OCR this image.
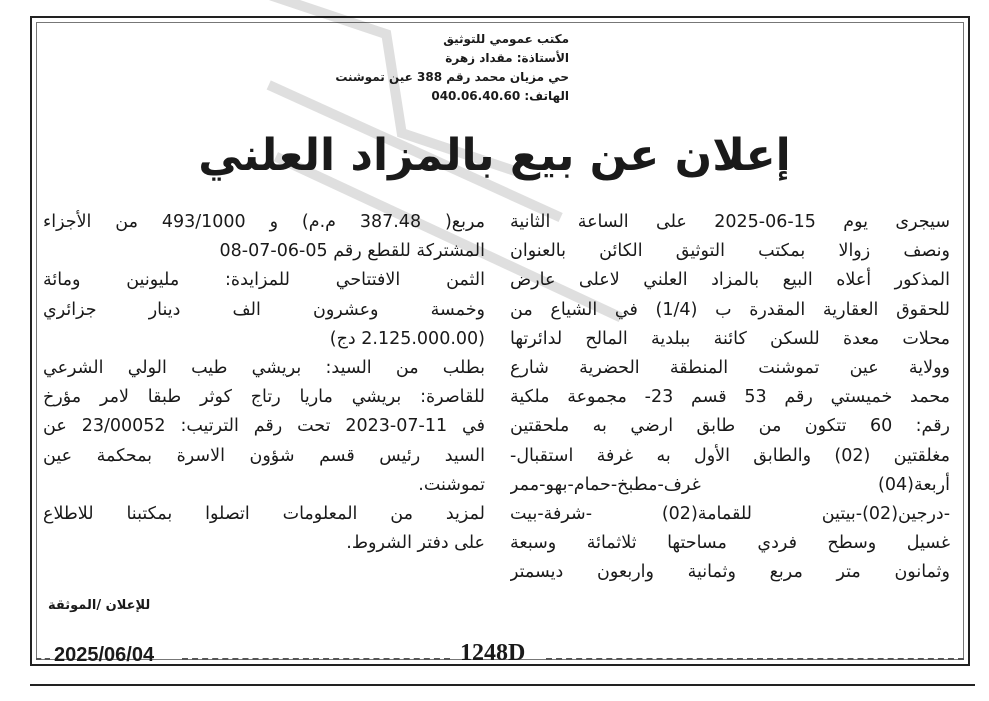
مكتب عمومي للتوثيق
الأستاذة: مقداد زهرة
حي مزيان محمد رقم 388 عين تموشنت
الهاتف: 040.06.40.60
إعلان عن بيع بالمزاد العلني
سيجرى يوم 15-06-2025 على الساعة الثانية
ونصف زوالا بمكتب التوثيق الكائن بالعنوان
المذكور أعلاه البيع بالمزاد العلني لاعلى عارض
للحقوق العقارية المقدرة ب (1/4) في الشياع من
محلات معدة للسكن كائنة ببلدية المالح لدائرتها
وولاية عين تموشنت المنطقة الحضرية شارع
محمد خميستي رقم 53 قسم 23- مجموعة ملكية
رقم: 60 تتكون من طابق ارضي به ملحقتين
مغلقتين (02) والطابق الأول به غرفة استقبال-
أربعة(04) غرف-مطبخ-حمام-بهو-ممر
-درجين(02)-بيتين للقمامة(02) -شرفة-بيت
غسيل وسطح فردي مساحتها ثلاثمائة وسبعة
وثمانون متر مربع وثمانية واربعون ديسمتر
مربع( 387.48 م.م) و 493/1000 من الأجزاء
المشتركة للقطع رقم 05-06-07-08
الثمن الافتتاحي للمزايدة: مليونين ومائة
وخمسة وعشرون الف دينار جزائري
(2.125.000.00 دج)
بطلب من السيد: بريشي طيب الولي الشرعي
للقاصرة: بريشي ماريا رتاج كوثر طبقا لامر مؤرخ
في 11-07-2023 تحت رقم الترتيب: 23/00052 عن
السيد رئيس قسم شؤون الاسرة بمحكمة عين
تموشنت.
لمزيد من المعلومات اتصلوا بمكتبنا للاطلاع
على دفتر الشروط.
للإعلان /الموثقة
2025/06/04	1248D
